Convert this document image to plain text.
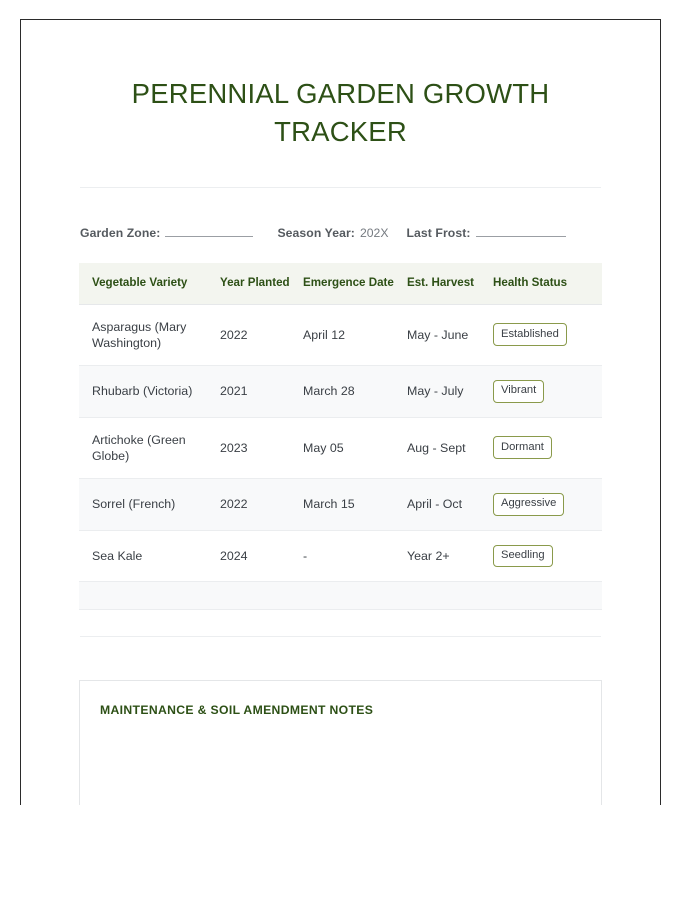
PERENNIAL GARDEN GROWTH TRACKER
Garden Zone:	Season Year: 202X Last Frost:
Vegetable Variety	Year Planted	Emergence Date	Est. Harvest	Health Status
Asparagus (Mary Washington)	2022	April 12	May - June	Established
Rhubarb (Victoria)	2021	March 28	May - July	Vibrant
Artichoke (Green Globe)	2023	May 05	Aug - Sept	Dormant
Sorrel (French)	2022	March 15	April - Oct	Aggressive
Sea Kale	2024	-	Year 2+	Seedling

MAINTENANCE & SOIL AMENDMENT NOTES
